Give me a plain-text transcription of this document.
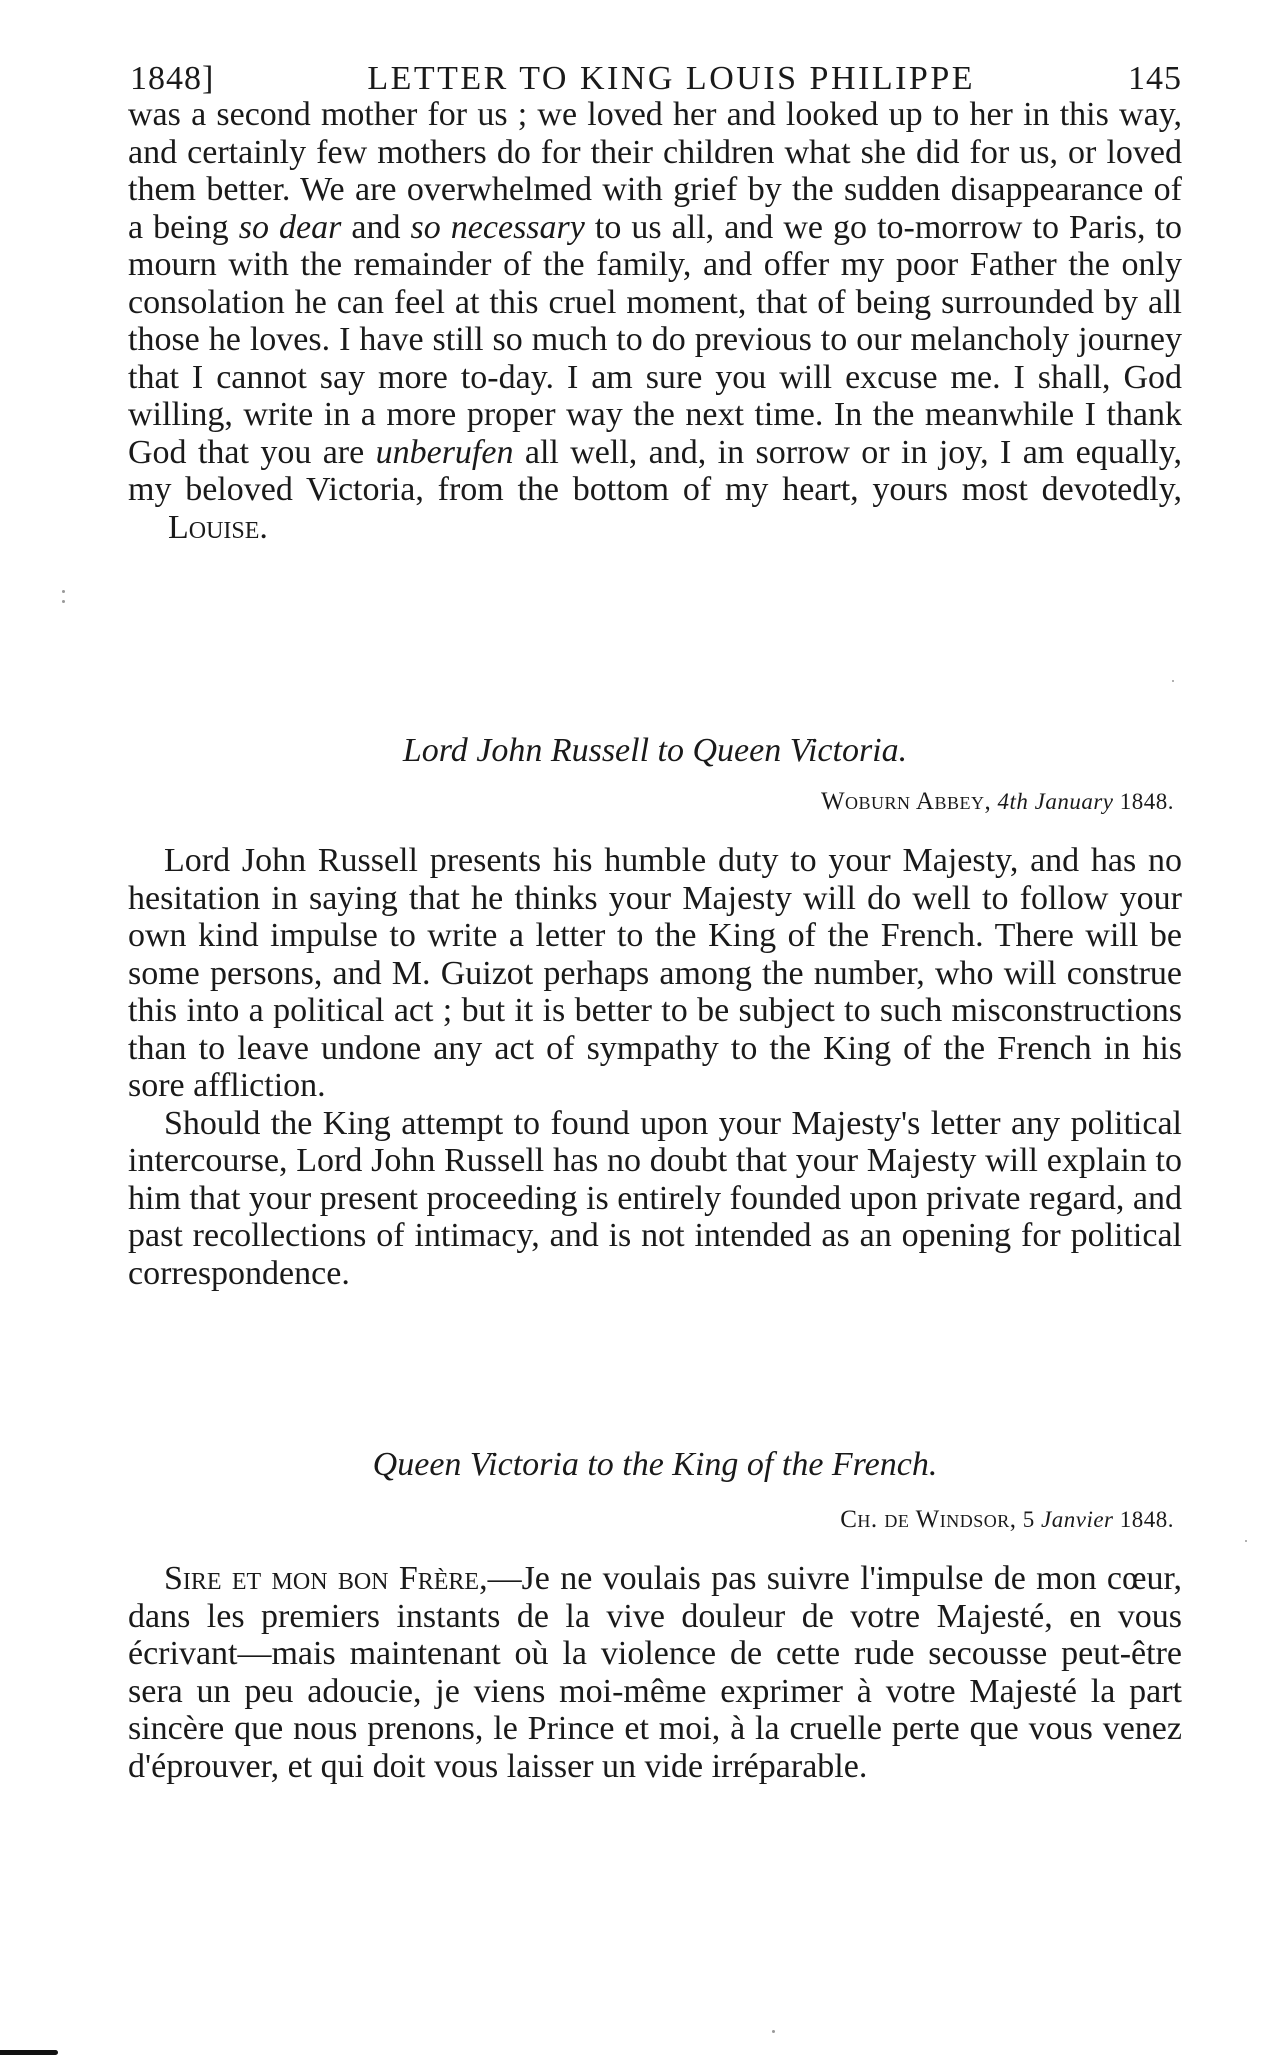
1848]	LETTER TO KING LOUIS PHILIPPE	145

was a second mother for us ; we loved her and looked up to her in this way, and certainly few mothers do for their children what she did for us, or loved them better. We are overwhelmed with grief by the sudden disappearance of a being so dear and so necessary to us all, and we go to-morrow to Paris, to mourn with the remainder of the family, and offer my poor Father the only consolation he can feel at this cruel moment, that of being surrounded by all those he loves. I have still so much to do previous to our melancholy journey that I cannot say more to-day. I am sure you will excuse me. I shall, God willing, write in a more proper way the next time. In the meanwhile I thank God that you are unberufen all well, and, in sorrow or in joy, I am equally, my beloved Victoria, from the bottom of my heart, yours most devotedly, Louise.

Lord John Russell to Queen Victoria.
Woburn Abbey, 4th January 1848.

Lord John Russell presents his humble duty to your Majesty, and has no hesitation in saying that he thinks your Majesty will do well to follow your own kind impulse to write a letter to the King of the French. There will be some persons, and M. Guizot perhaps among the number, who will construe this into a political act ; but it is better to be subject to such misconstructions than to leave undone any act of sympathy to the King of the French in his sore affliction.

Should the King attempt to found upon your Majesty's letter any political intercourse, Lord John Russell has no doubt that your Majesty will explain to him that your present proceeding is entirely founded upon private regard, and past recollections of intimacy, and is not intended as an opening for political correspondence.

Queen Victoria to the King of the French.
Ch. de Windsor, 5 Janvier 1848.

Sire et mon bon Frère,—Je ne voulais pas suivre l'impulse de mon cœur, dans les premiers instants de la vive douleur de votre Majesté, en vous écrivant—mais maintenant où la violence de cette rude secousse peut-être sera un peu adoucie, je viens moi-même exprimer à votre Majesté la part sincère que nous prenons, le Prince et moi, à la cruelle perte que vous venez d'éprouver, et qui doit vous laisser un vide irréparable.
